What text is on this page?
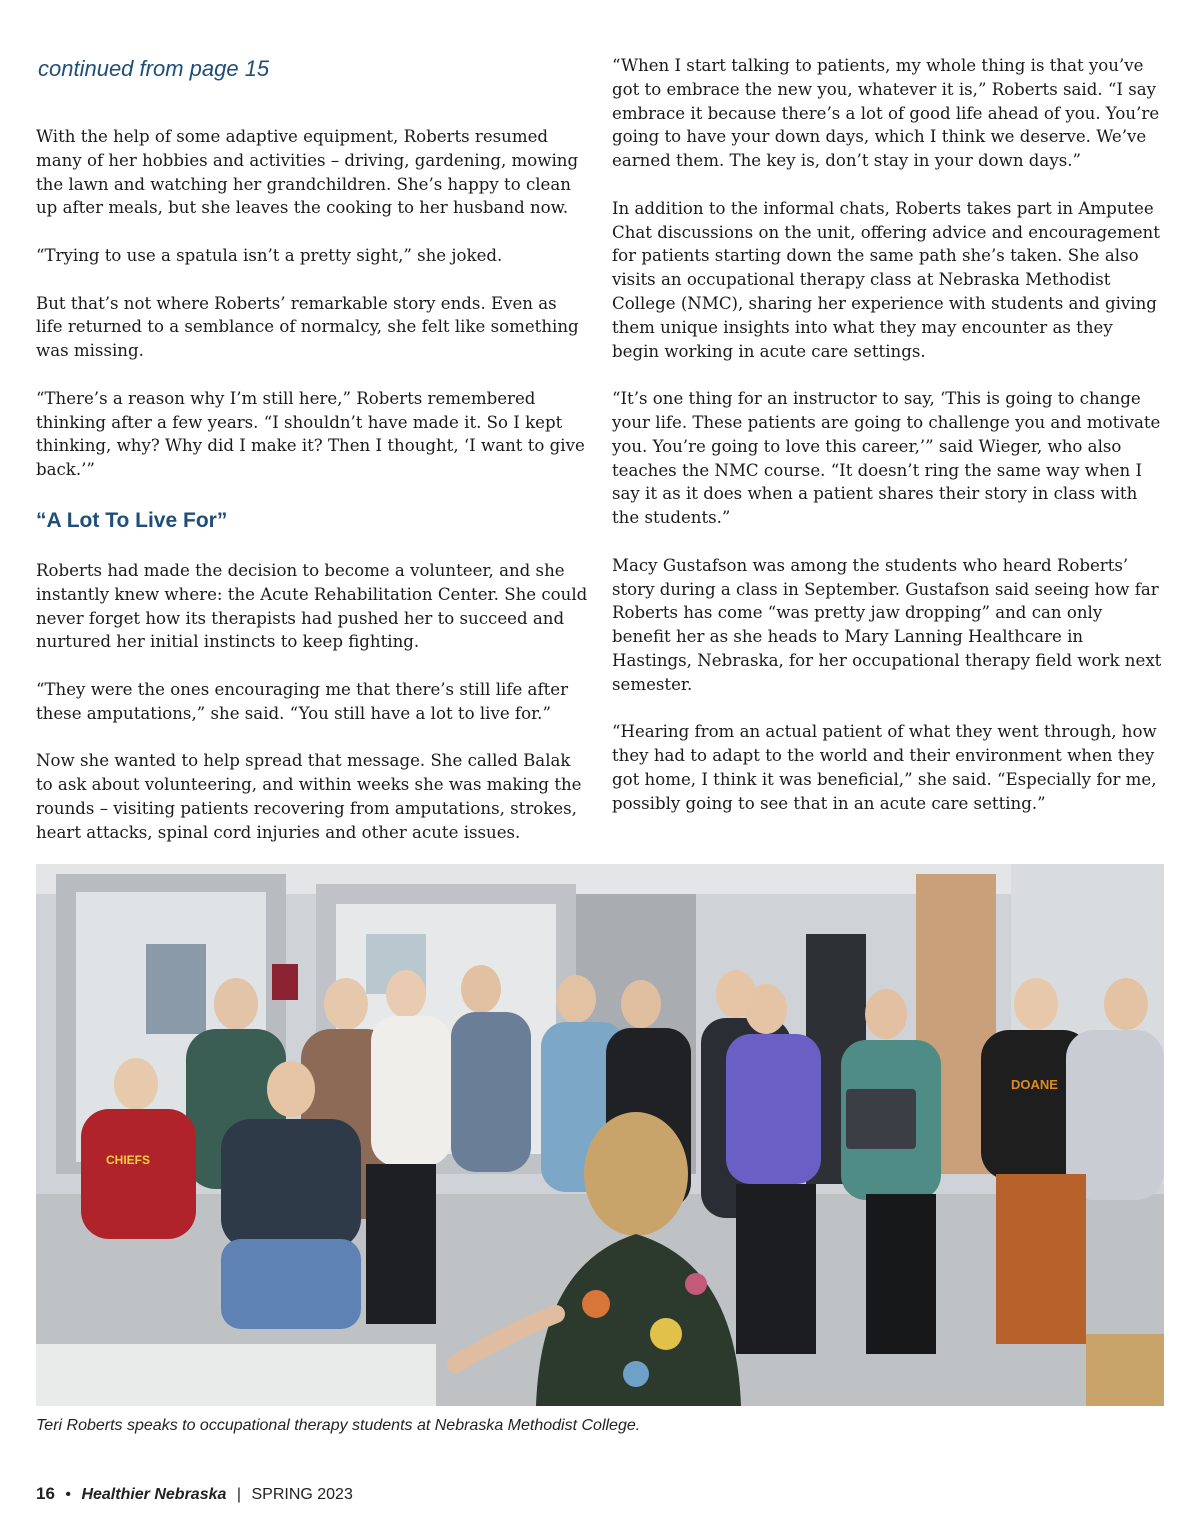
continued from page 15

With the help of some adaptive equipment, Roberts resumed many of her hobbies and activities – driving, gardening, mowing the lawn and watching her grandchildren. She’s happy to clean up after meals, but she leaves the cooking to her husband now.

“Trying to use a spatula isn’t a pretty sight,” she joked.

But that’s not where Roberts’ remarkable story ends. Even as life returned to a semblance of normalcy, she felt like something was missing.

“There’s a reason why I’m still here,” Roberts remembered thinking after a few years. “I shouldn’t have made it. So I kept thinking, why? Why did I make it? Then I thought, ‘I want to give back.’”

“A Lot To Live For”

Roberts had made the decision to become a volunteer, and she instantly knew where: the Acute Rehabilitation Center. She could never forget how its therapists had pushed her to succeed and nurtured her initial instincts to keep fighting.

“They were the ones encouraging me that there’s still life after these amputations,” she said. “You still have a lot to live for.”

Now she wanted to help spread that message. She called Balak to ask about volunteering, and within weeks she was making the rounds – visiting patients recovering from amputations, strokes, heart attacks, spinal cord injuries and other acute issues.

“When I start talking to patients, my whole thing is that you’ve got to embrace the new you, whatever it is,” Roberts said. “I say embrace it because there’s a lot of good life ahead of you. You’re going to have your down days, which I think we deserve. We’ve earned them. The key is, don’t stay in your down days.”

In addition to the informal chats, Roberts takes part in Amputee Chat discussions on the unit, offering advice and encouragement for patients starting down the same path she’s taken. She also visits an occupational therapy class at Nebraska Methodist College (NMC), sharing her experience with students and giving them unique insights into what they may encounter as they begin working in acute care settings.

“It’s one thing for an instructor to say, ‘This is going to change your life. These patients are going to challenge you and motivate you. You’re going to love this career,’” said Wieger, who also teaches the NMC course. “It doesn’t ring the same way when I say it as it does when a patient shares their story in class with the students.”

Macy Gustafson was among the students who heard Roberts’ story during a class in September. Gustafson said seeing how far Roberts has come “was pretty jaw dropping” and can only benefit her as she heads to Mary Lanning Healthcare in Hastings, Nebraska, for her occupational therapy field work next semester.

“Hearing from an actual patient of what they went through, how they had to adapt to the world and their environment when they got home, I think it was beneficial,” she said. “Especially for me, possibly going to see that in an acute care setting.”

CHIEFS
DOANE

Teri Roberts speaks to occupational therapy students at Nebraska Methodist College.

16 • Healthier Nebraska | SPRING 2023
